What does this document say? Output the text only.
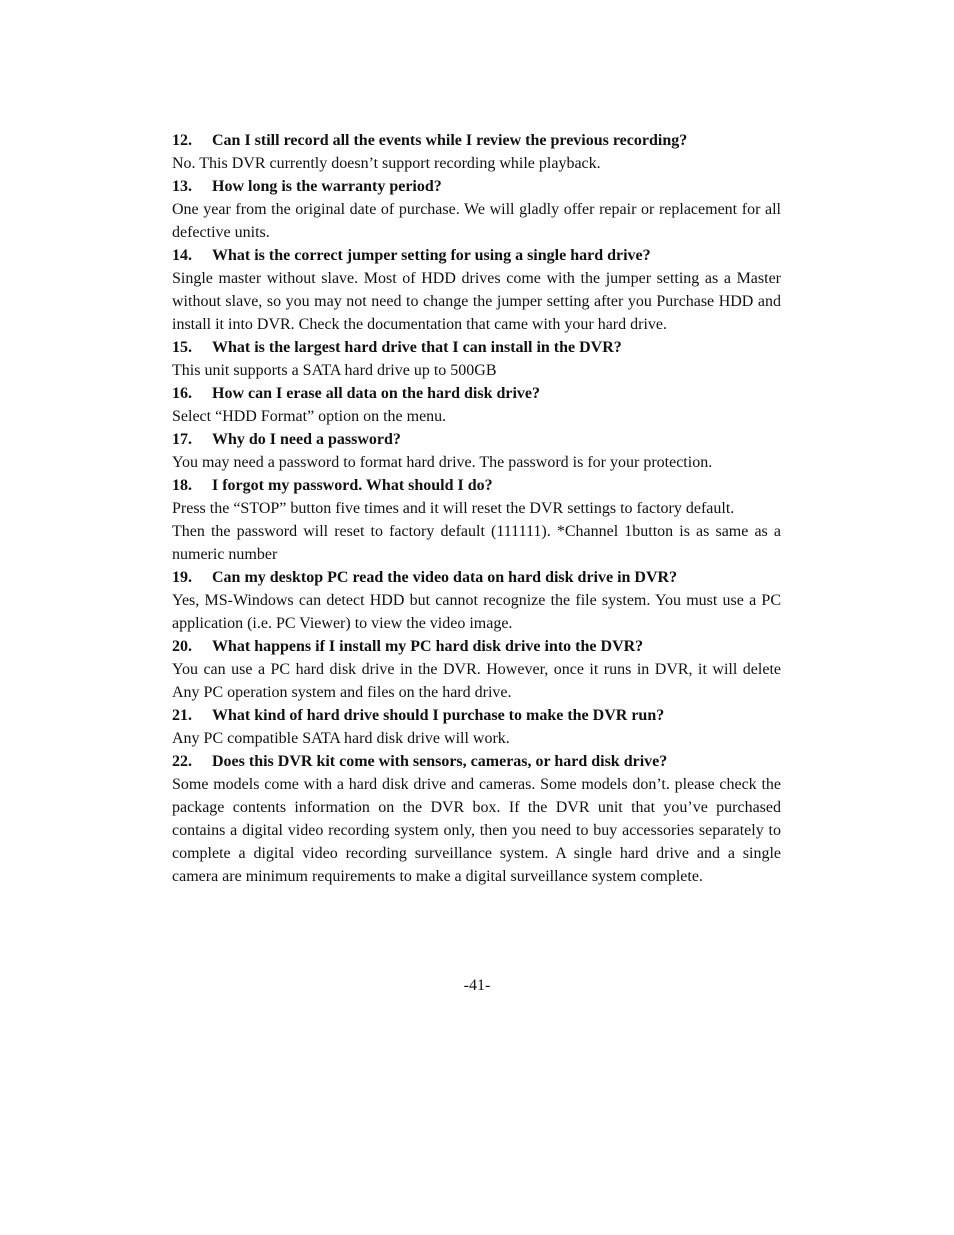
12.	Can I still record all the events while I review the previous recording?

No. This DVR currently doesn’t support recording while playback.

13.	How long is the warranty period?

One year from the original date of purchase. We will gladly offer repair or replacement for all defective units.

14.	What is the correct jumper setting for using a single hard drive?

Single master without slave. Most of HDD drives come with the jumper setting as a Master without slave, so you may not need to change the jumper setting after you Purchase HDD and install it into DVR. Check the documentation that came with your hard drive.

15.	What is the largest hard drive that I can install in the DVR?

This unit supports a SATA hard drive up to 500GB

16.	How can I erase all data on the hard disk drive?

Select “HDD Format” option on the menu.

17.	Why do I need a password?

You may need a password to format hard drive. The password is for your protection.

18.	I forgot my password. What should I do?

Press the “STOP” button five times and it will reset the DVR settings to factory default.

Then the password will reset to factory default (111111). *Channel 1button is as same as a numeric number

19.	Can my desktop PC read the video data on hard disk drive in DVR?

Yes, MS-Windows can detect HDD but cannot recognize the file system. You must use a PC application (i.e. PC Viewer) to view the video image.

20.	What happens if I install my PC hard disk drive into the DVR?

You can use a PC hard disk drive in the DVR. However, once it runs in DVR, it will delete Any PC operation system and files on the hard drive.

21.	What kind of hard drive should I purchase to make the DVR run?

Any PC compatible SATA hard disk drive will work.

22.	Does this DVR kit come with sensors, cameras, or hard disk drive?

Some models come with a hard disk drive and cameras. Some models don’t. please check the package contents information on the DVR box. If the DVR unit that you’ve purchased contains a digital video recording system only, then you need to buy accessories separately to complete a digital video recording surveillance system. A single hard drive and a single camera are minimum requirements to make a digital surveillance system complete.

-41-
